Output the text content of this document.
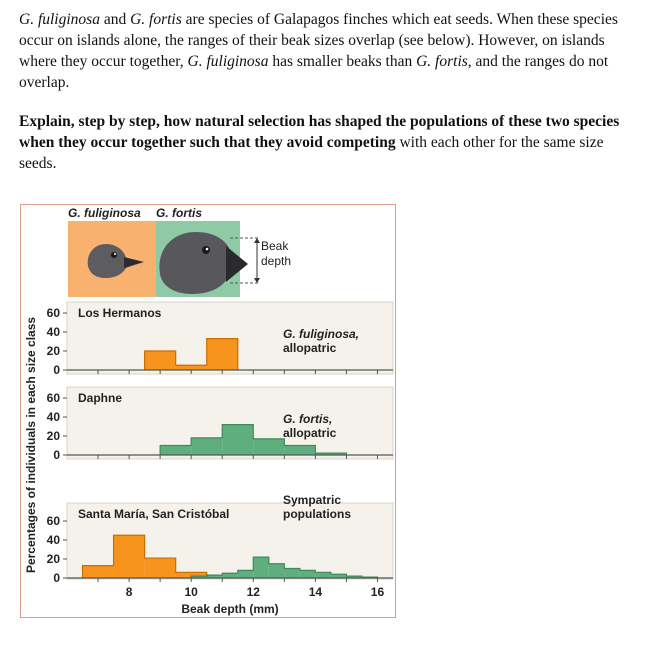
G. fuliginosa and G. fortis are species of Galapagos finches which eat seeds. When these species occur on islands alone, the ranges of their beak sizes overlap (see below). However, on islands where they occur together, G. fuliginosa has smaller beaks than G. fortis, and the ranges do not overlap.

Explain, step by step, how natural selection has shaped the populations of these two species when they occur together such that they avoid competing with each other for the same size seeds.

G. fuliginosa G. fortis
Beak
depth
Percentages of individuals in each size class
Beak depth (mm)
0
20
40
60 Los Hermanos
G. fuliginosa,
allopatric
0
20
40
60 Daphne
G. fortis,
allopatric
0
20
40
60 Santa María, San Cristóbal
Sympatric
populations
8	10	12	14	16
